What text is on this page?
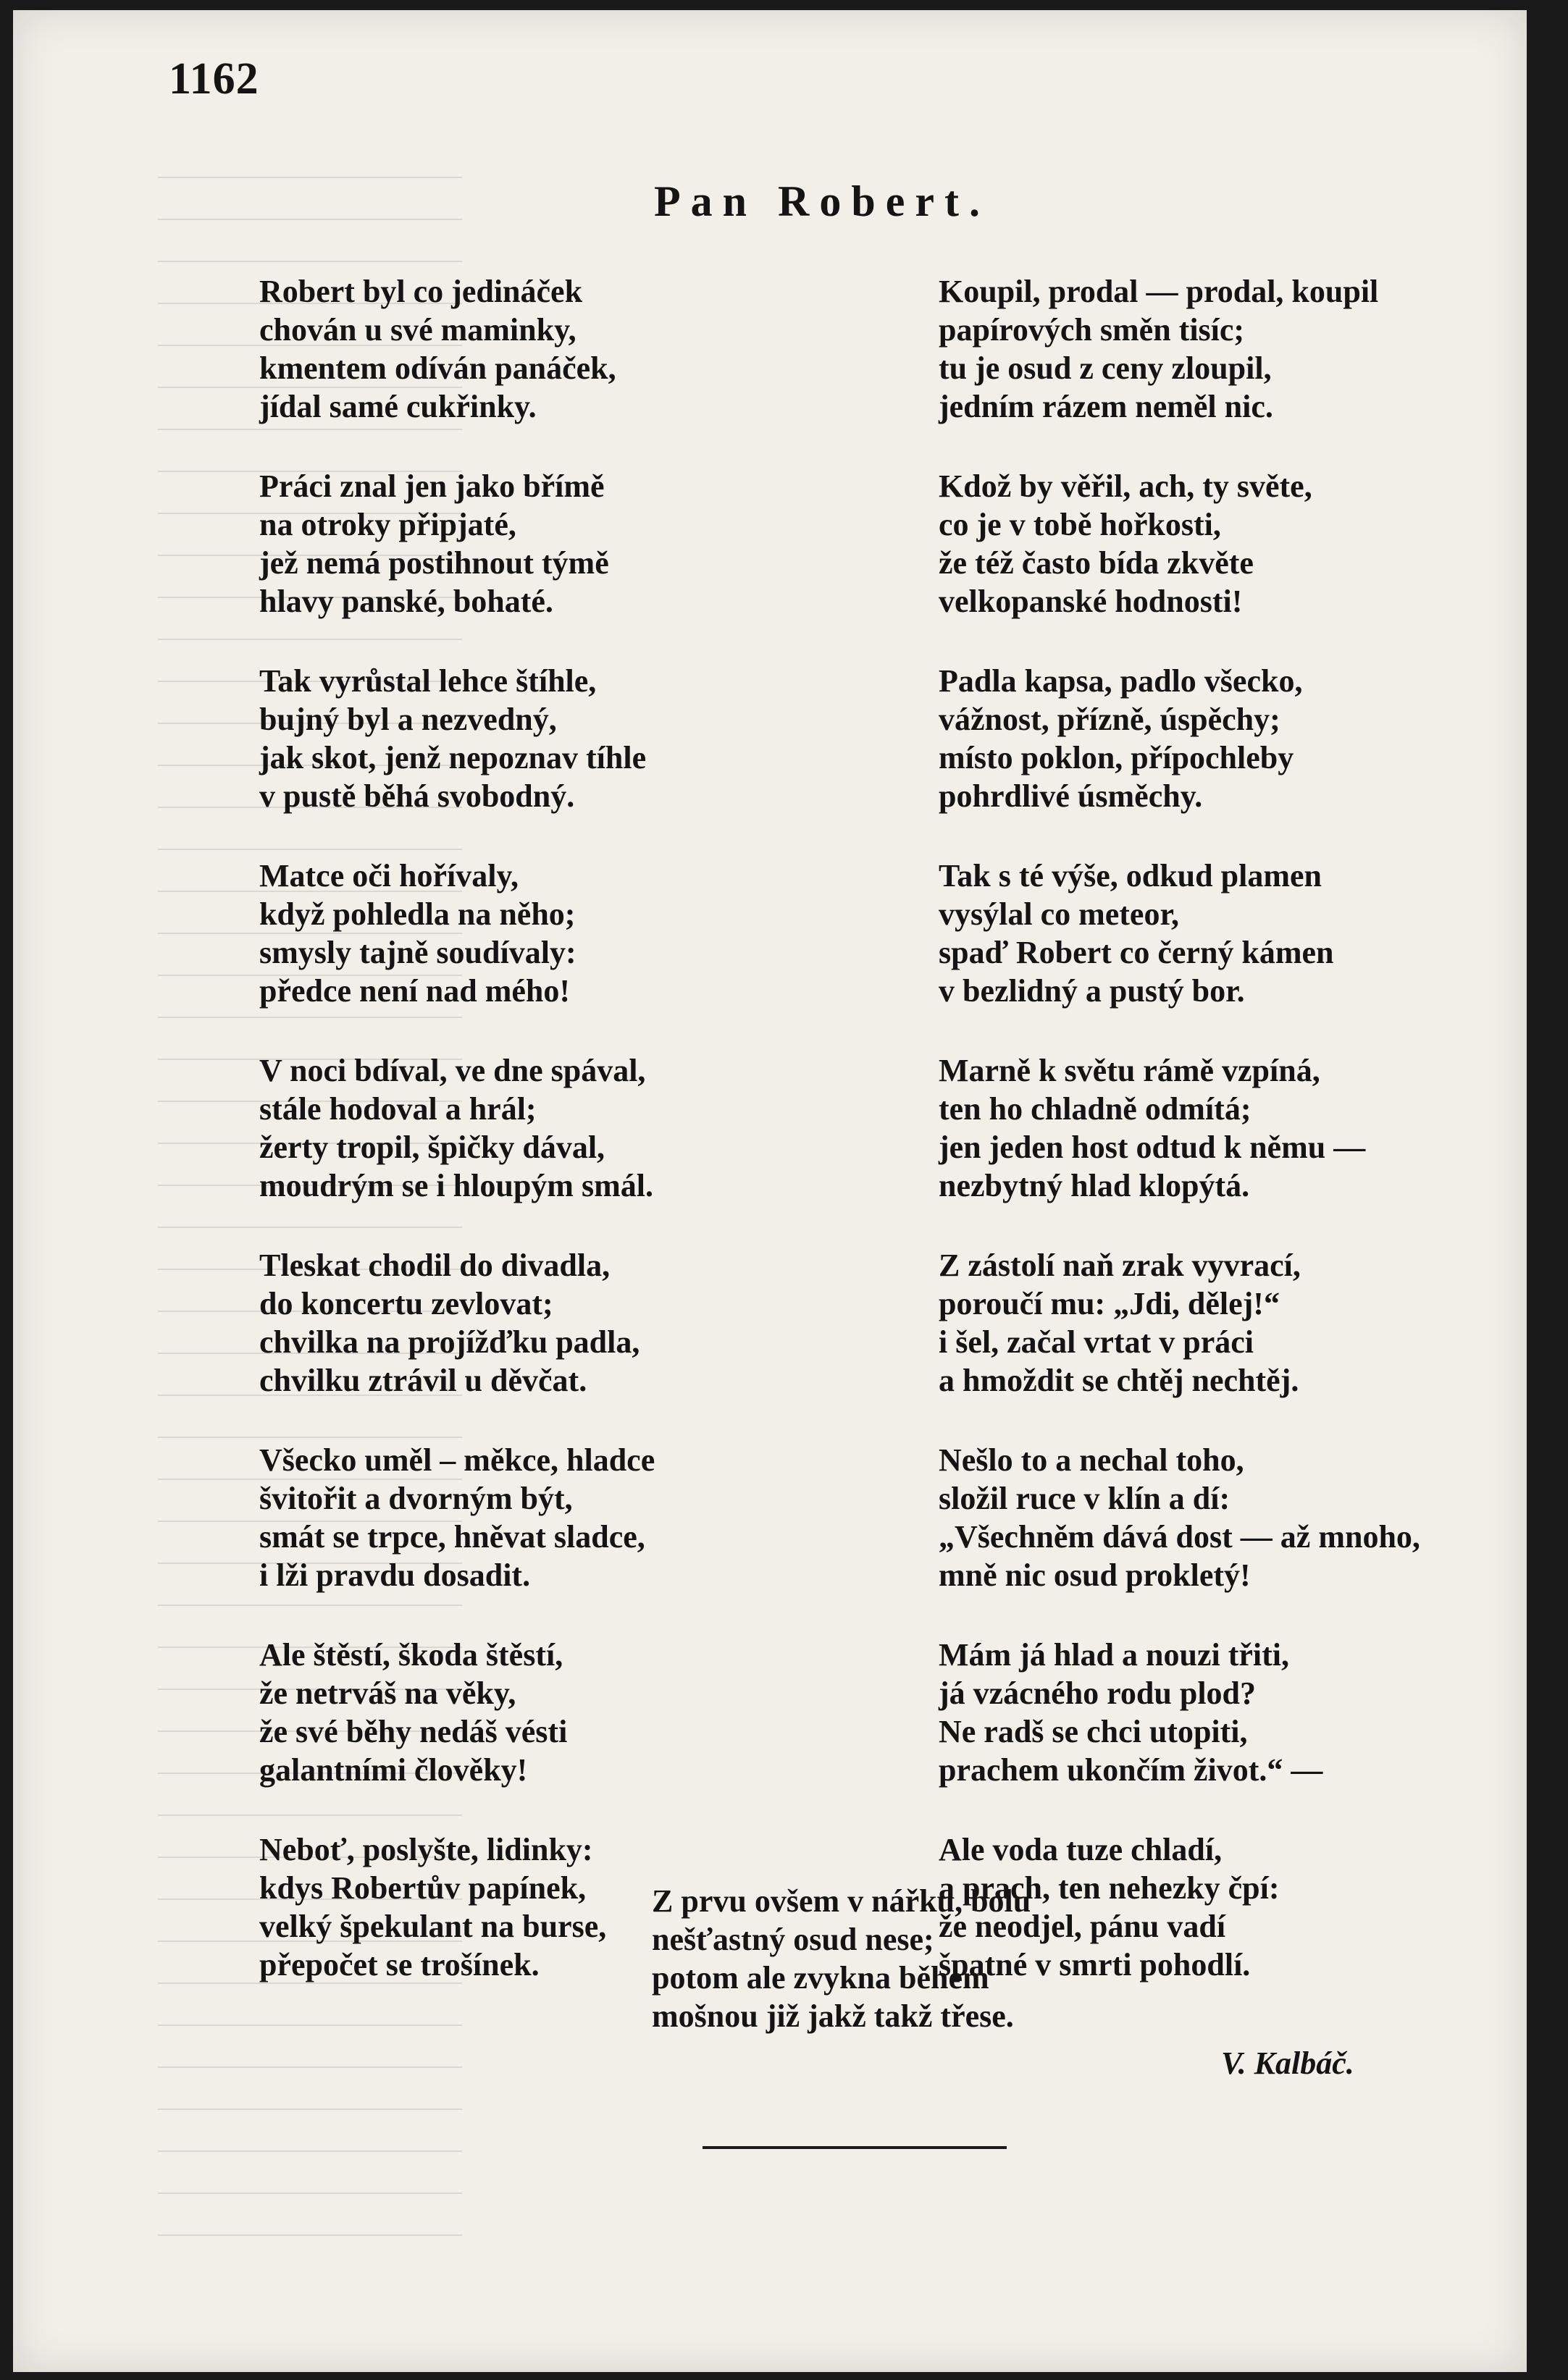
1162
Pan Robert.
Robert byl co jedináček
chován u své maminky,
kmentem odíván panáček,
jídal samé cukřinky.
Práci znal jen jako břímě
na otroky připjaté,
jež nemá postihnout týmě
hlavy panské, bohaté.
Tak vyrůstal lehce štíhle,
bujný byl a nezvedný,
jak skot, jenž nepoznav tíhle
v pustě běhá svobodný.
Matce oči hořívaly,
když pohledla na něho;
smysly tajně soudívaly:
předce není nad mého!
V noci bdíval, ve dne spával,
stále hodoval a hrál;
žerty tropil, špičky dával,
moudrým se i hloupým smál.
Tleskat chodil do divadla,
do koncertu zevlovat;
chvilka na projížďku padla,
chvilku ztrávil u děvčat.
Všecko uměl – měkce, hladce
švitořit a dvorným být,
smát se trpce, hněvat sladce,
i lži pravdu dosadit.
Ale štěstí, škoda štěstí,
že netrváš na věky,
že své běhy nedáš vésti
galantními člověky!
Neboť, poslyšte, lidinky:
kdys Robertův papínek,
velký špekulant na burse,
přepočet se trošínek.
Koupil, prodal — prodal, koupil
papírových směn tisíc;
tu je osud z ceny zloupil,
jedním rázem neměl nic.
Kdož by věřil, ach, ty světe,
co je v tobě hořkosti,
že též často bída zkvěte
velkopanské hodnosti!
Padla kapsa, padlo všecko,
vážnost, přízně, úspěchy;
místo poklon, přípochleby
pohrdlivé úsměchy.
Tak s té výše, odkud plamen
vysýlal co meteor,
spaď Robert co černý kámen
v bezlidný a pustý bor.
Marně k světu rámě vzpíná,
ten ho chladně odmítá;
jen jeden host odtud k němu —
nezbytný hlad klopýtá.
Z zástolí naň zrak vyvrací,
poroučí mu: „Jdi, dělej!“
i šel, začal vrtat v práci
a hmoždit se chtěj nechtěj.
Nešlo to a nechal toho,
složil ruce v klín a dí:
„Všechněm dává dost — až mnoho,
mně nic osud prokletý!
Mám já hlad a nouzi třiti,
já vzácného rodu plod?
Ne radš se chci utopiti,
prachem ukončím život.“ —
Ale voda tuze chladí,
a prach, ten nehezky čpí:
že neodjel, pánu vadí
špatné v smrti pohodlí.
Z prvu ovšem v nářku, bolu
nešťastný osud nese;
potom ale zvykna během
mošnou již jakž takž třese.
V. Kalbáč.
